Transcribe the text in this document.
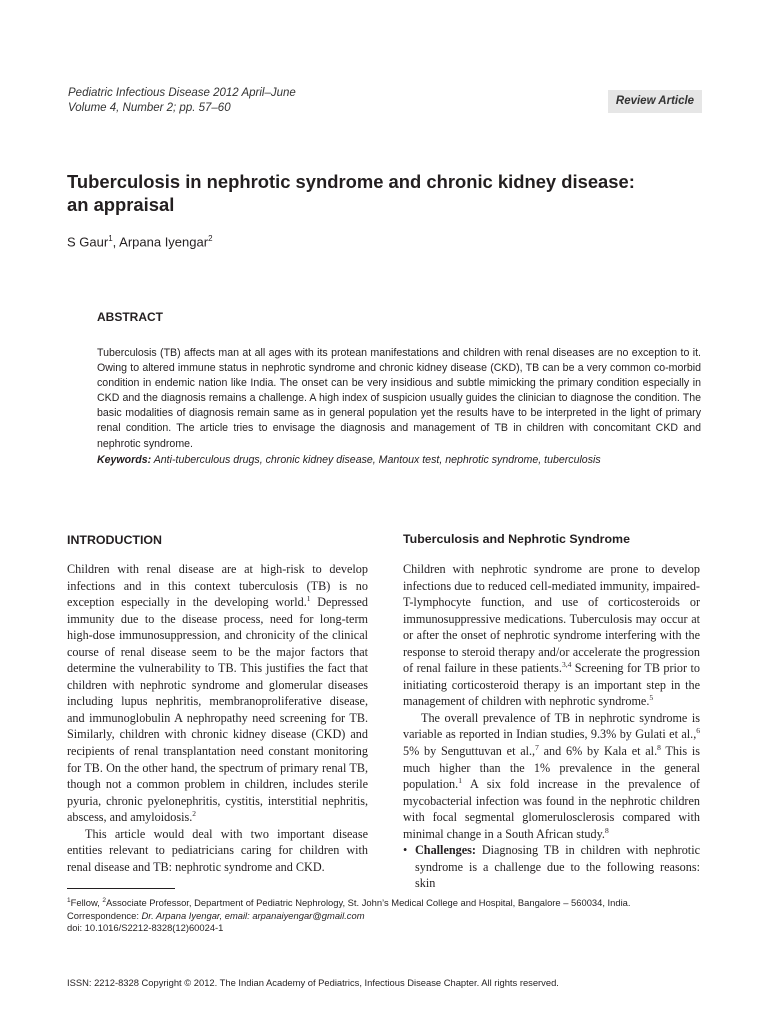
Pediatric Infectious Disease 2012 April–June
Volume 4, Number 2; pp. 57–60
Review Article
Tuberculosis in nephrotic syndrome and chronic kidney disease:
an appraisal
S Gaur$^1$, Arpana Iyengar$^2$
ABSTRACT
Tuberculosis (TB) affects man at all ages with its protean manifestations and children with renal diseases are no exception to it. Owing to altered immune status in nephrotic syndrome and chronic kidney disease (CKD), TB can be a very common co-morbid condition in endemic nation like India. The onset can be very insidious and subtle mimicking the primary condition especially in CKD and the diagnosis remains a challenge. A high index of suspicion usually guides the clinician to diagnose the condition. The basic modalities of diagnosis remain same as in general population yet the results have to be interpreted in the light of primary renal condition. The article tries to envisage the diagnosis and management of TB in children with concomitant CKD and nephrotic syndrome.
Keywords: Anti-tuberculous drugs, chronic kidney disease, Mantoux test, nephrotic syndrome, tuberculosis
INTRODUCTION

Children with renal disease are at high-risk to develop infections and in this context tuberculosis (TB) is no exception especially in the developing world.$^1$ Depressed immunity due to the disease process, need for long-term high-dose immunosuppression, and chronicity of the clinical course of renal disease seem to be the major factors that determine the vulnerability to TB. This justifies the fact that children with nephrotic syndrome and glomerular diseases including lupus nephritis, membranoproliferative disease, and immunoglobulin A nephropathy need screening for TB. Similarly, children with chronic kidney disease (CKD) and recipients of renal transplantation need constant monitoring for TB. On the other hand, the spectrum of primary renal TB, though not a common problem in children, includes sterile pyuria, chronic pyelonephritis, cystitis, interstitial nephritis, abscess, and amyloidosis.$^2$

This article would deal with two important disease entities relevant to pediatricians caring for children with renal disease and TB: nephrotic syndrome and CKD.

Tuberculosis and Nephrotic Syndrome

Children with nephrotic syndrome are prone to develop infections due to reduced cell-mediated immunity, impaired-T-lymphocyte function, and use of corticosteroids or immunosuppressive medications. Tuberculosis may occur at or after the onset of nephrotic syndrome interfering with the response to steroid therapy and/or accelerate the progression of renal failure in these patients.$^{3,4}$ Screening for TB prior to initiating corticosteroid therapy is an important step in the management of children with nephrotic syndrome.$^5$

The overall prevalence of TB in nephrotic syndrome is variable as reported in Indian studies, 9.3% by Gulati et al.,$^6$ 5% by Senguttuvan et al.,$^7$ and 6% by Kala et al.$^8$ This is much higher than the 1% prevalence in the general population.$^1$ A six fold increase in the prevalence of mycobacterial infection was found in the nephrotic children with focal segmental glomerulosclerosis compared with minimal change in a South African study.$^8$

• Challenges: Diagnosing TB in children with nephrotic syndrome is a challenge due to the following reasons: skin
$^1$Fellow, $^2$Associate Professor, Department of Pediatric Nephrology, St. John’s Medical College and Hospital, Bangalore – 560034, India.
Correspondence: Dr. Arpana Iyengar, email: arpanaiyengar@gmail.com
doi: 10.1016/S2212-8328(12)60024-1
ISSN: 2212-8328 Copyright © 2012. The Indian Academy of Pediatrics, Infectious Disease Chapter. All rights reserved.
